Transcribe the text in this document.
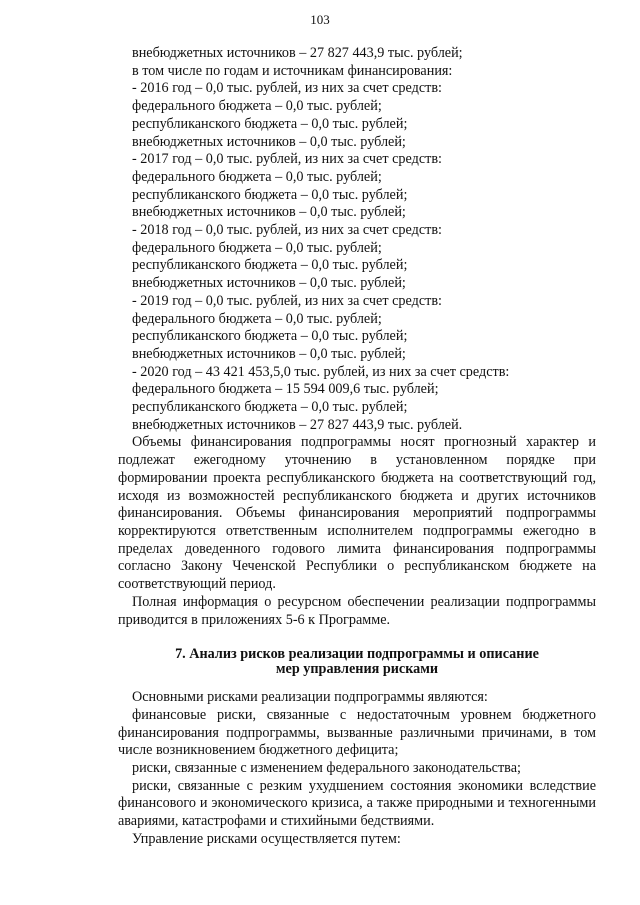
103
внебюджетных источников – 27 827 443,9 тыс. рублей;
в том числе по годам и источникам финансирования:
- 2016 год – 0,0 тыс. рублей, из них за счет средств:
федерального бюджета – 0,0 тыс. рублей;
республиканского бюджета – 0,0 тыс. рублей;
внебюджетных источников – 0,0 тыс. рублей;
- 2017 год – 0,0 тыс. рублей, из них за счет средств:
федерального бюджета – 0,0 тыс. рублей;
республиканского бюджета – 0,0 тыс. рублей;
внебюджетных источников – 0,0 тыс. рублей;
- 2018 год – 0,0 тыс. рублей, из них за счет средств:
федерального бюджета – 0,0 тыс. рублей;
республиканского бюджета – 0,0 тыс. рублей;
внебюджетных источников – 0,0 тыс. рублей;
- 2019 год – 0,0 тыс. рублей, из них за счет средств:
федерального бюджета – 0,0 тыс. рублей;
республиканского бюджета – 0,0 тыс. рублей;
внебюджетных источников – 0,0 тыс. рублей;
- 2020 год – 43 421 453,5,0 тыс. рублей, из них за счет средств:
федерального бюджета – 15 594 009,6 тыс. рублей;
республиканского бюджета – 0,0 тыс. рублей;
внебюджетных источников – 27 827 443,9 тыс. рублей.
Объемы финансирования подпрограммы носят прогнозный характер и подлежат ежегодному уточнению в установленном порядке при формировании проекта республиканского бюджета на соответствующий год, исходя из возможностей республиканского бюджета и других источников финансирования. Объемы финансирования мероприятий подпрограммы корректируются ответственным исполнителем подпрограммы ежегодно в пределах доведенного годового лимита финансирования подпрограммы согласно Закону Чеченской Республики о республиканском бюджете на соответствующий период.
Полная информация о ресурсном обеспечении реализации подпрограммы приводится в приложениях 5-6 к Программе.
7. Анализ рисков реализации подпрограммы и описание
мер управления рисками
Основными рисками реализации подпрограммы являются:
финансовые риски, связанные с недостаточным уровнем бюджетного финансирования подпрограммы, вызванные различными причинами, в том числе возникновением бюджетного дефицита;
риски, связанные с изменением федерального законодательства;
риски, связанные с резким ухудшением состояния экономики вследствие финансового и экономического кризиса, а также природными и техногенными авариями, катастрофами и стихийными бедствиями.
Управление рисками осуществляется путем:
